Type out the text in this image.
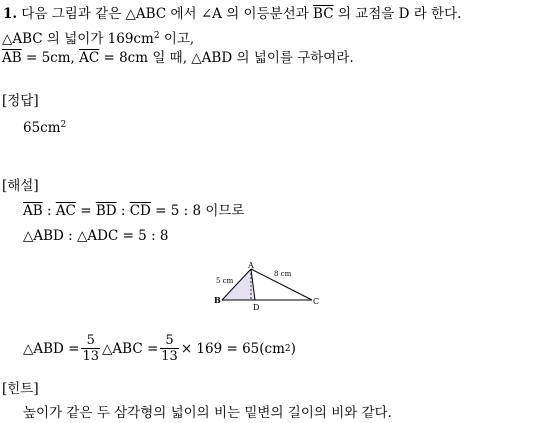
1. 다음 그림과 같은 △ABC 에서 ∠A 의 이등분선과 $\overline{BC}$ 의 교점을 D 라 한다.
△ABC 의 넓이가 $169cm^2$ 이고,
$\overline{AB} = 5cm$, $\overline{AC} = 8cm$ 일 때, △ABD 의 넓이를 구하여라.
[정답]
$65cm^2$
[해설]
$\overline{AB}$ : $\overline{AC} = \overline{BD}$ : $\overline{CD} = 5$ : 8 이므로
△ABD : △ADC = 5 : 8
A
B	C
D
5 cm
8 cm
△ABD = $\frac{5}{13}$ △ABC = $\frac{5}{13} \times 169 = 65(cm$ 2 )
[힌트]
높이가 같은 두 삼각형의 넓이의 비는 밑변의 길이의 비와 같다.
